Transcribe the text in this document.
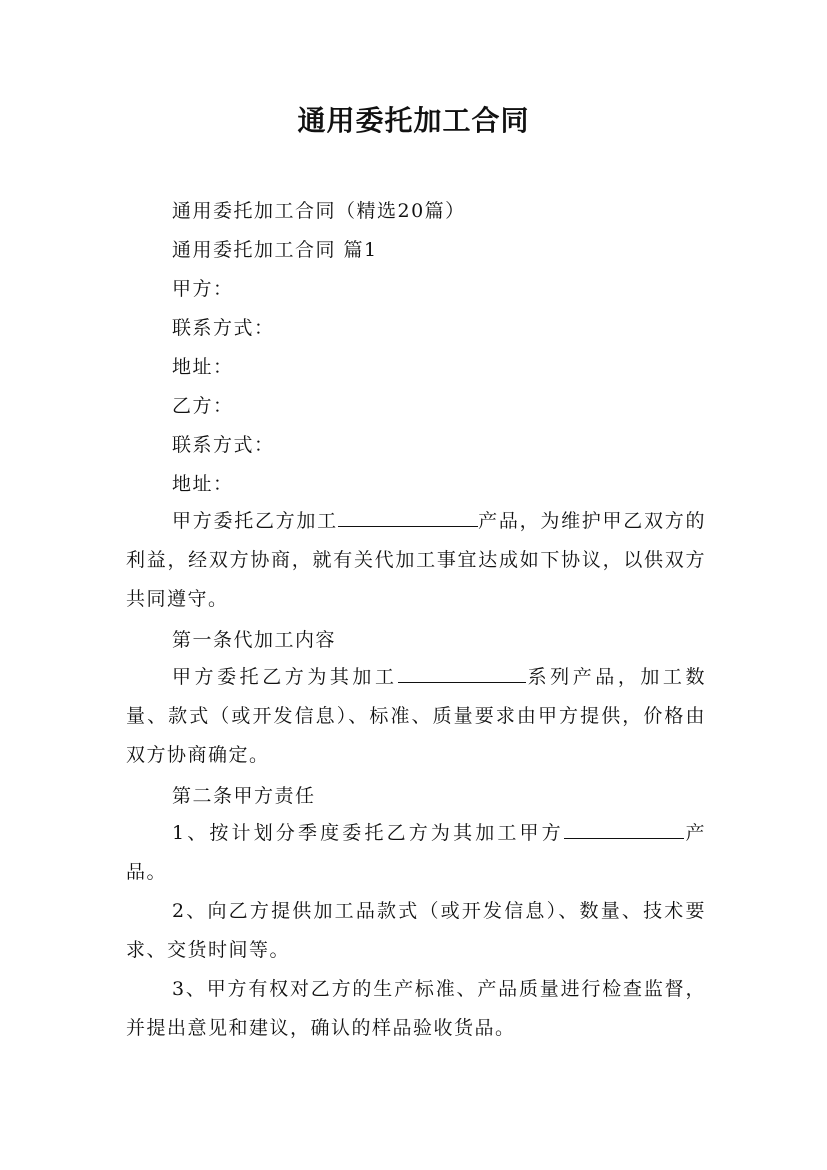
通用委托加工合同
通用委托加工合同（精选20篇）
通用委托加工合同 篇1
甲方：
联系方式：
地址：
乙方：
联系方式：
地址：
甲方委托乙方加工	产品，为维护甲乙双方的利益，经双方协商，就有关代加工事宜达成如下协议，以供双方共同遵守。
第一条代加工内容
甲方委托乙方为其加工	系列产品，加工数量、款式（或开发信息）、标准、质量要求由甲方提供，价格由双方协商确定。
第二条甲方责任
1、按计划分季度委托乙方为其加工甲方	产品。
2、向乙方提供加工品款式（或开发信息）、数量、技术要求、交货时间等。
3、甲方有权对乙方的生产标准、产品质量进行检查监督，并提出意见和建议，确认的样品验收货品。
